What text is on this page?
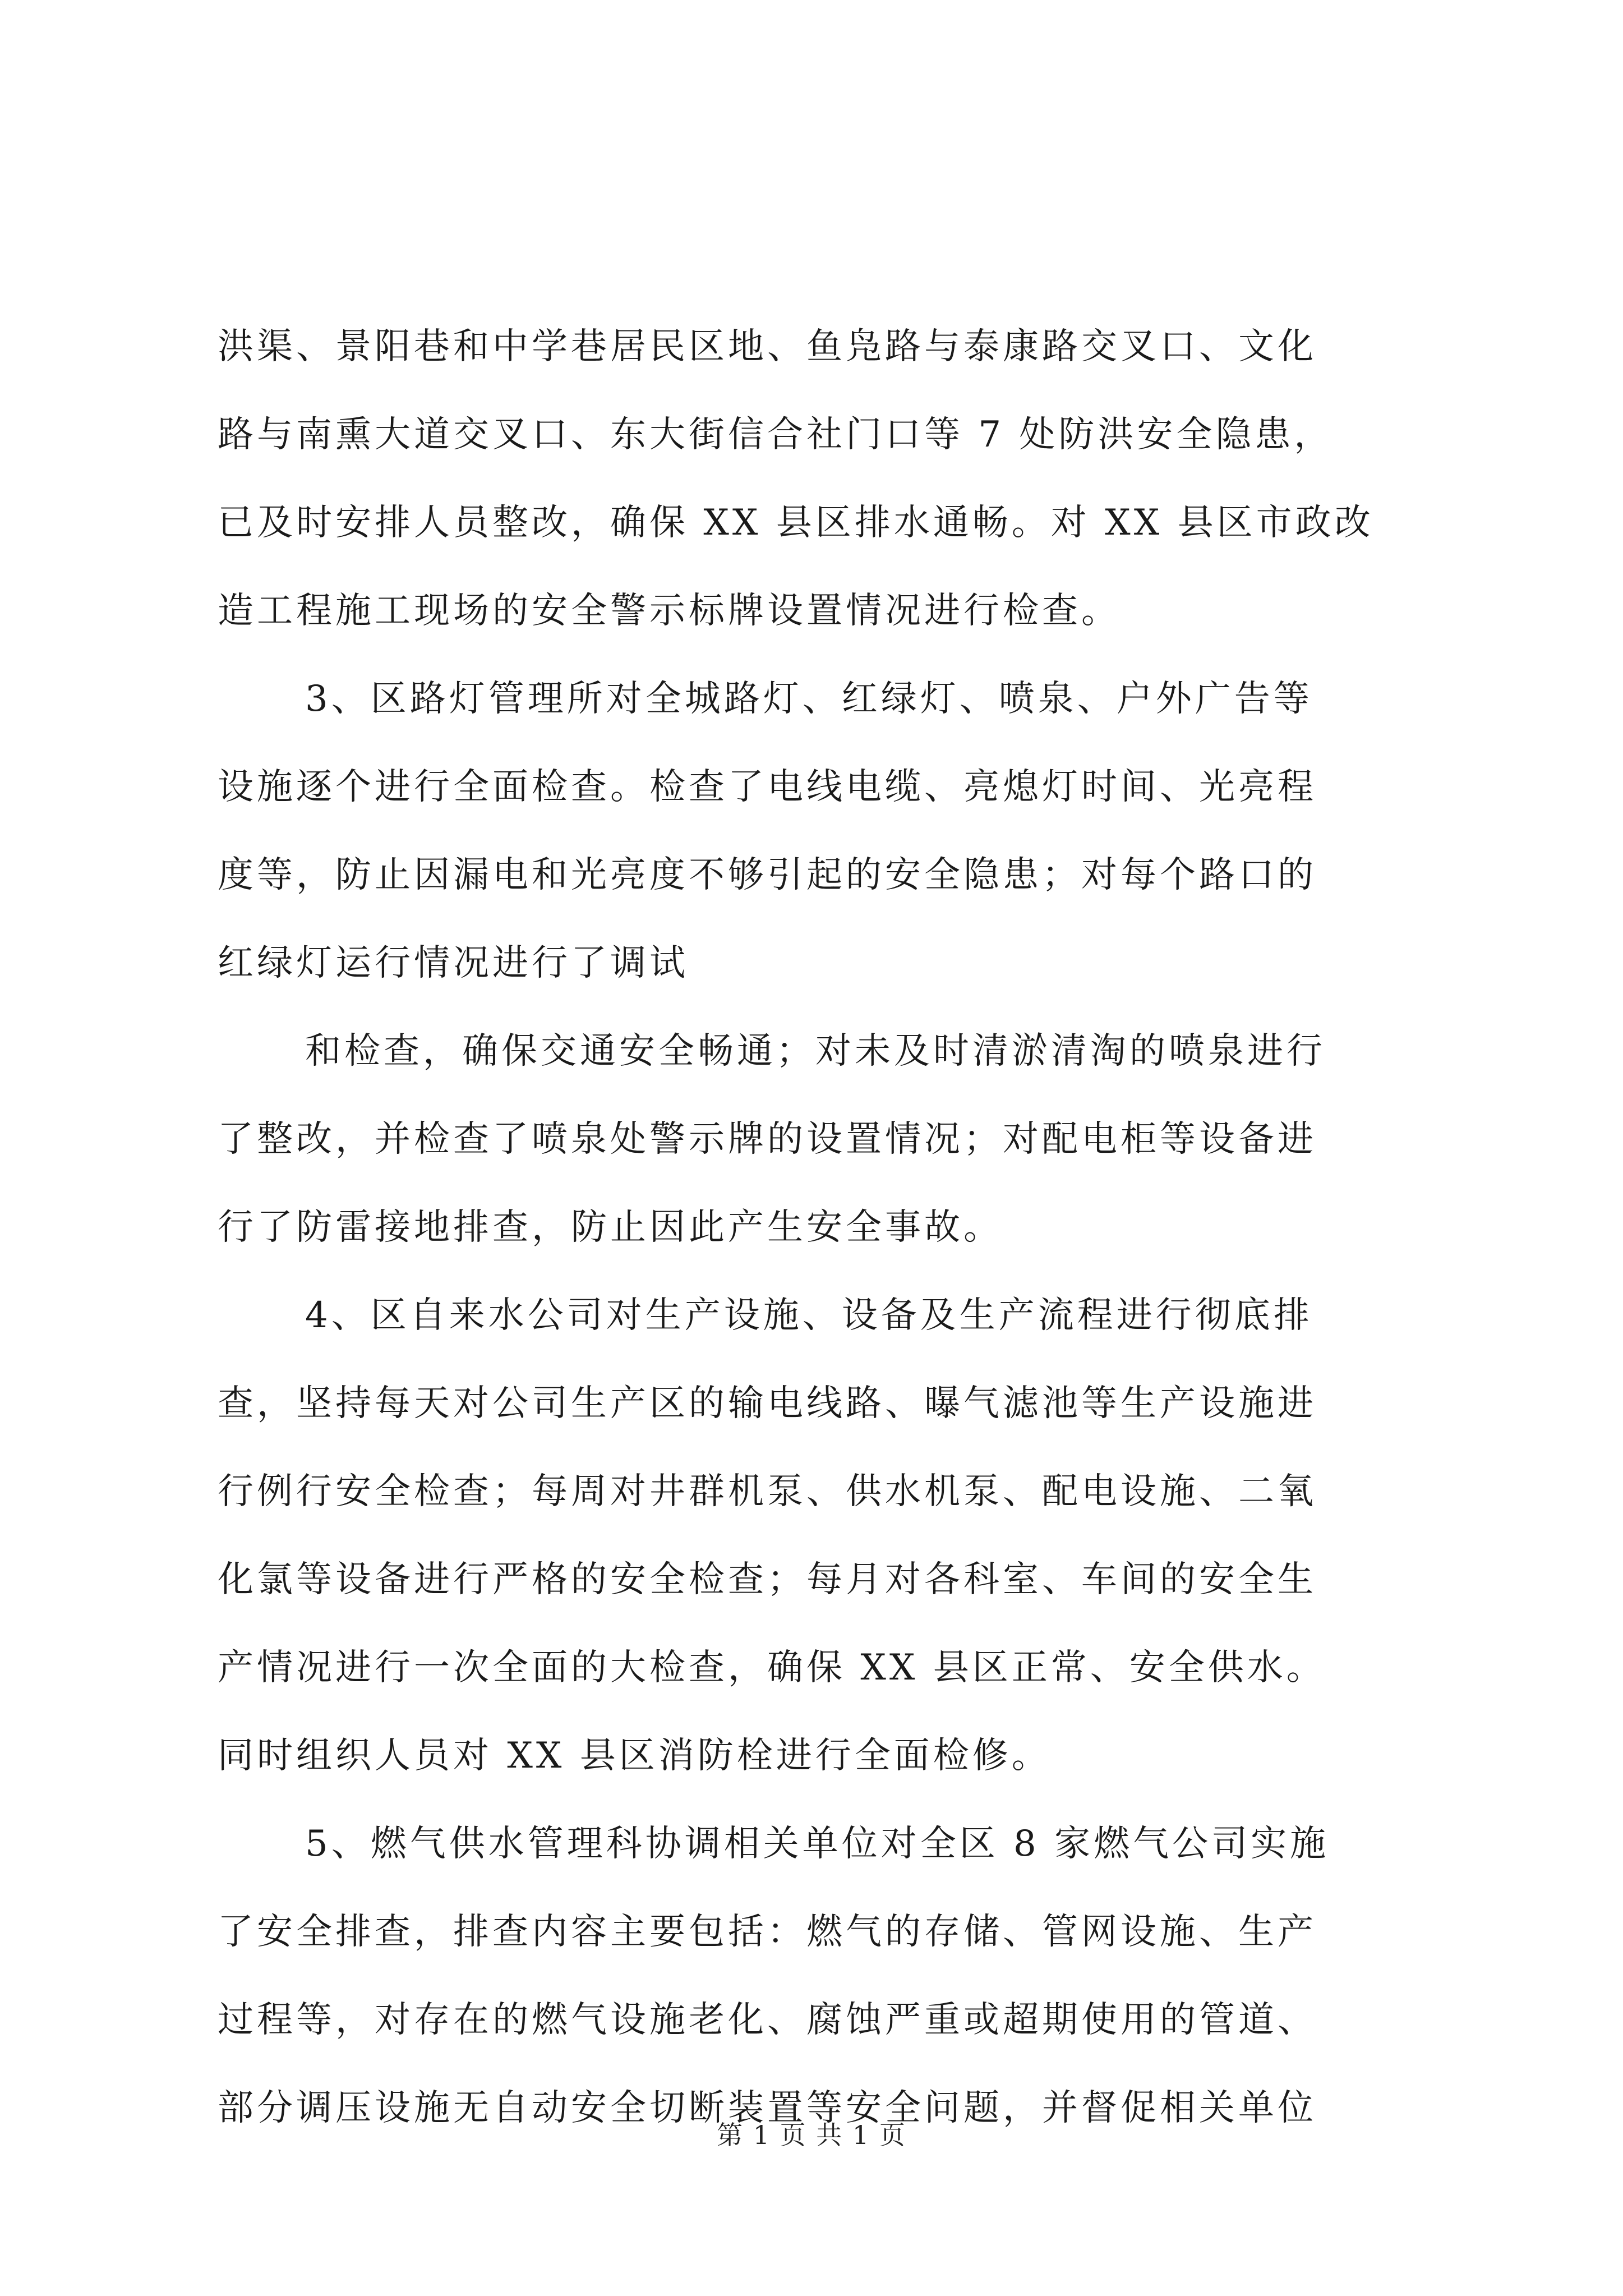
洪渠、景阳巷和中学巷居民区地、鱼凫路与泰康路交叉口、文化
路与南熏大道交叉口、东大街信合社门口等 7 处防洪安全隐患，
已及时安排人员整改，确保 XX 县区排水通畅。对 XX 县区市政改
造工程施工现场的安全警示标牌设置情况进行检查。
3、区路灯管理所对全城路灯、红绿灯、喷泉、户外广告等
设施逐个进行全面检查。检查了电线电缆、亮熄灯时间、光亮程
度等，防止因漏电和光亮度不够引起的安全隐患；对每个路口的
红绿灯运行情况进行了调试
和检查，确保交通安全畅通；对未及时清淤清淘的喷泉进行
了整改，并检查了喷泉处警示牌的设置情况；对配电柜等设备进
行了防雷接地排查，防止因此产生安全事故。
4、区自来水公司对生产设施、设备及生产流程进行彻底排
查，坚持每天对公司生产区的输电线路、曝气滤池等生产设施进
行例行安全检查；每周对井群机泵、供水机泵、配电设施、二氧
化氯等设备进行严格的安全检查；每月对各科室、车间的安全生
产情况进行一次全面的大检查，确保 XX 县区正常、安全供水。
同时组织人员对 XX 县区消防栓进行全面检修。
5、燃气供水管理科协调相关单位对全区 8 家燃气公司实施
了安全排查，排查内容主要包括：燃气的存储、管网设施、生产
过程等，对存在的燃气设施老化、腐蚀严重或超期使用的管道、
部分调压设施无自动安全切断装置等安全问题，并督促相关单位
第 1 页 共 1 页
